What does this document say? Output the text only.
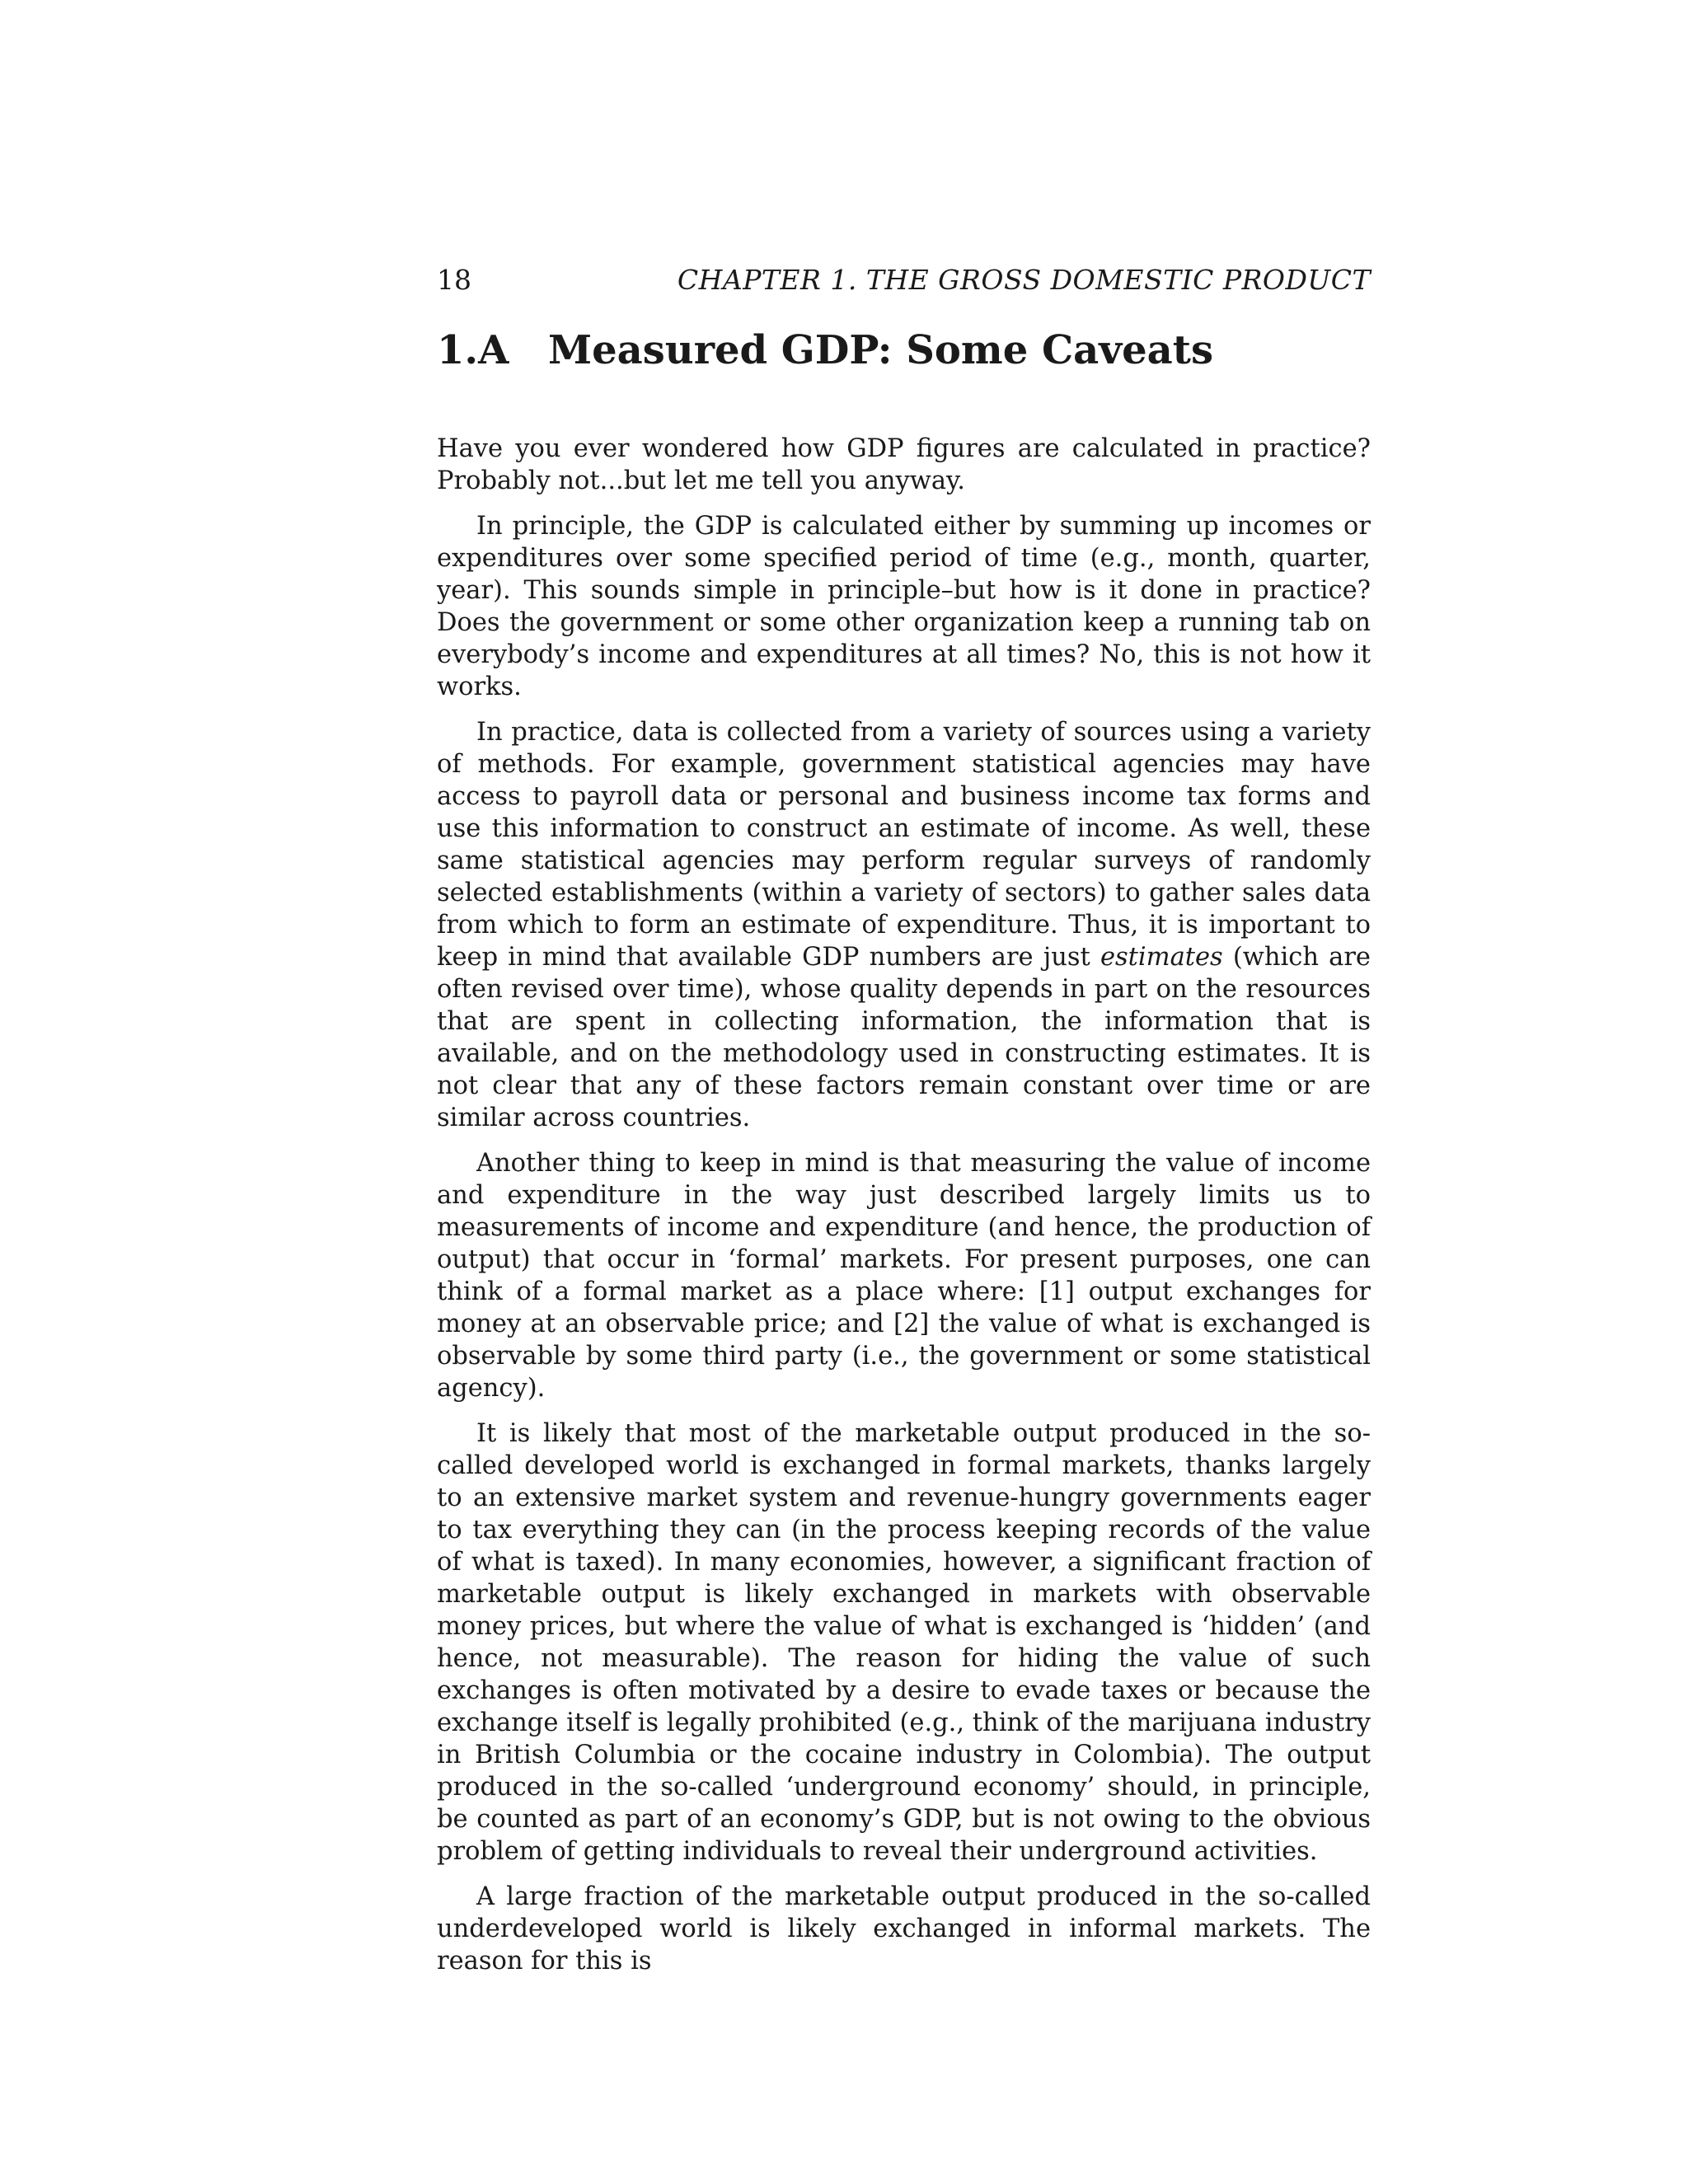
18	CHAPTER 1. THE GROSS DOMESTIC PRODUCT
1.A Measured GDP: Some Caveats

Have you ever wondered how GDP figures are calculated in practice? Probably not...but let me tell you anyway.

In principle, the GDP is calculated either by summing up incomes or expenditures over some specified period of time (e.g., month, quarter, year). This sounds simple in principle–but how is it done in practice? Does the government or some other organization keep a running tab on everybody’s income and expenditures at all times? No, this is not how it works.

In practice, data is collected from a variety of sources using a variety of methods. For example, government statistical agencies may have access to payroll data or personal and business income tax forms and use this information to construct an estimate of income. As well, these same statistical agencies may perform regular surveys of randomly selected establishments (within a variety of sectors) to gather sales data from which to form an estimate of expenditure. Thus, it is important to keep in mind that available GDP numbers are just estimates (which are often revised over time), whose quality depends in part on the resources that are spent in collecting information, the information that is available, and on the methodology used in constructing estimates. It is not clear that any of these factors remain constant over time or are similar across countries.

Another thing to keep in mind is that measuring the value of income and expenditure in the way just described largely limits us to measurements of income and expenditure (and hence, the production of output) that occur in ‘formal’ markets. For present purposes, one can think of a formal market as a place where: [1] output exchanges for money at an observable price; and [2] the value of what is exchanged is observable by some third party (i.e., the government or some statistical agency).

It is likely that most of the marketable output produced in the so-called developed world is exchanged in formal markets, thanks largely to an extensive market system and revenue-hungry governments eager to tax everything they can (in the process keeping records of the value of what is taxed). In many economies, however, a significant fraction of marketable output is likely exchanged in markets with observable money prices, but where the value of what is exchanged is ‘hidden’ (and hence, not measurable). The reason for hiding the value of such exchanges is often motivated by a desire to evade taxes or because the exchange itself is legally prohibited (e.g., think of the marijuana industry in British Columbia or the cocaine industry in Colombia). The output produced in the so-called ‘underground economy’ should, in principle, be counted as part of an economy’s GDP, but is not owing to the obvious problem of getting individuals to reveal their underground activities.

A large fraction of the marketable output produced in the so-called underdeveloped world is likely exchanged in informal markets. The reason for this is
